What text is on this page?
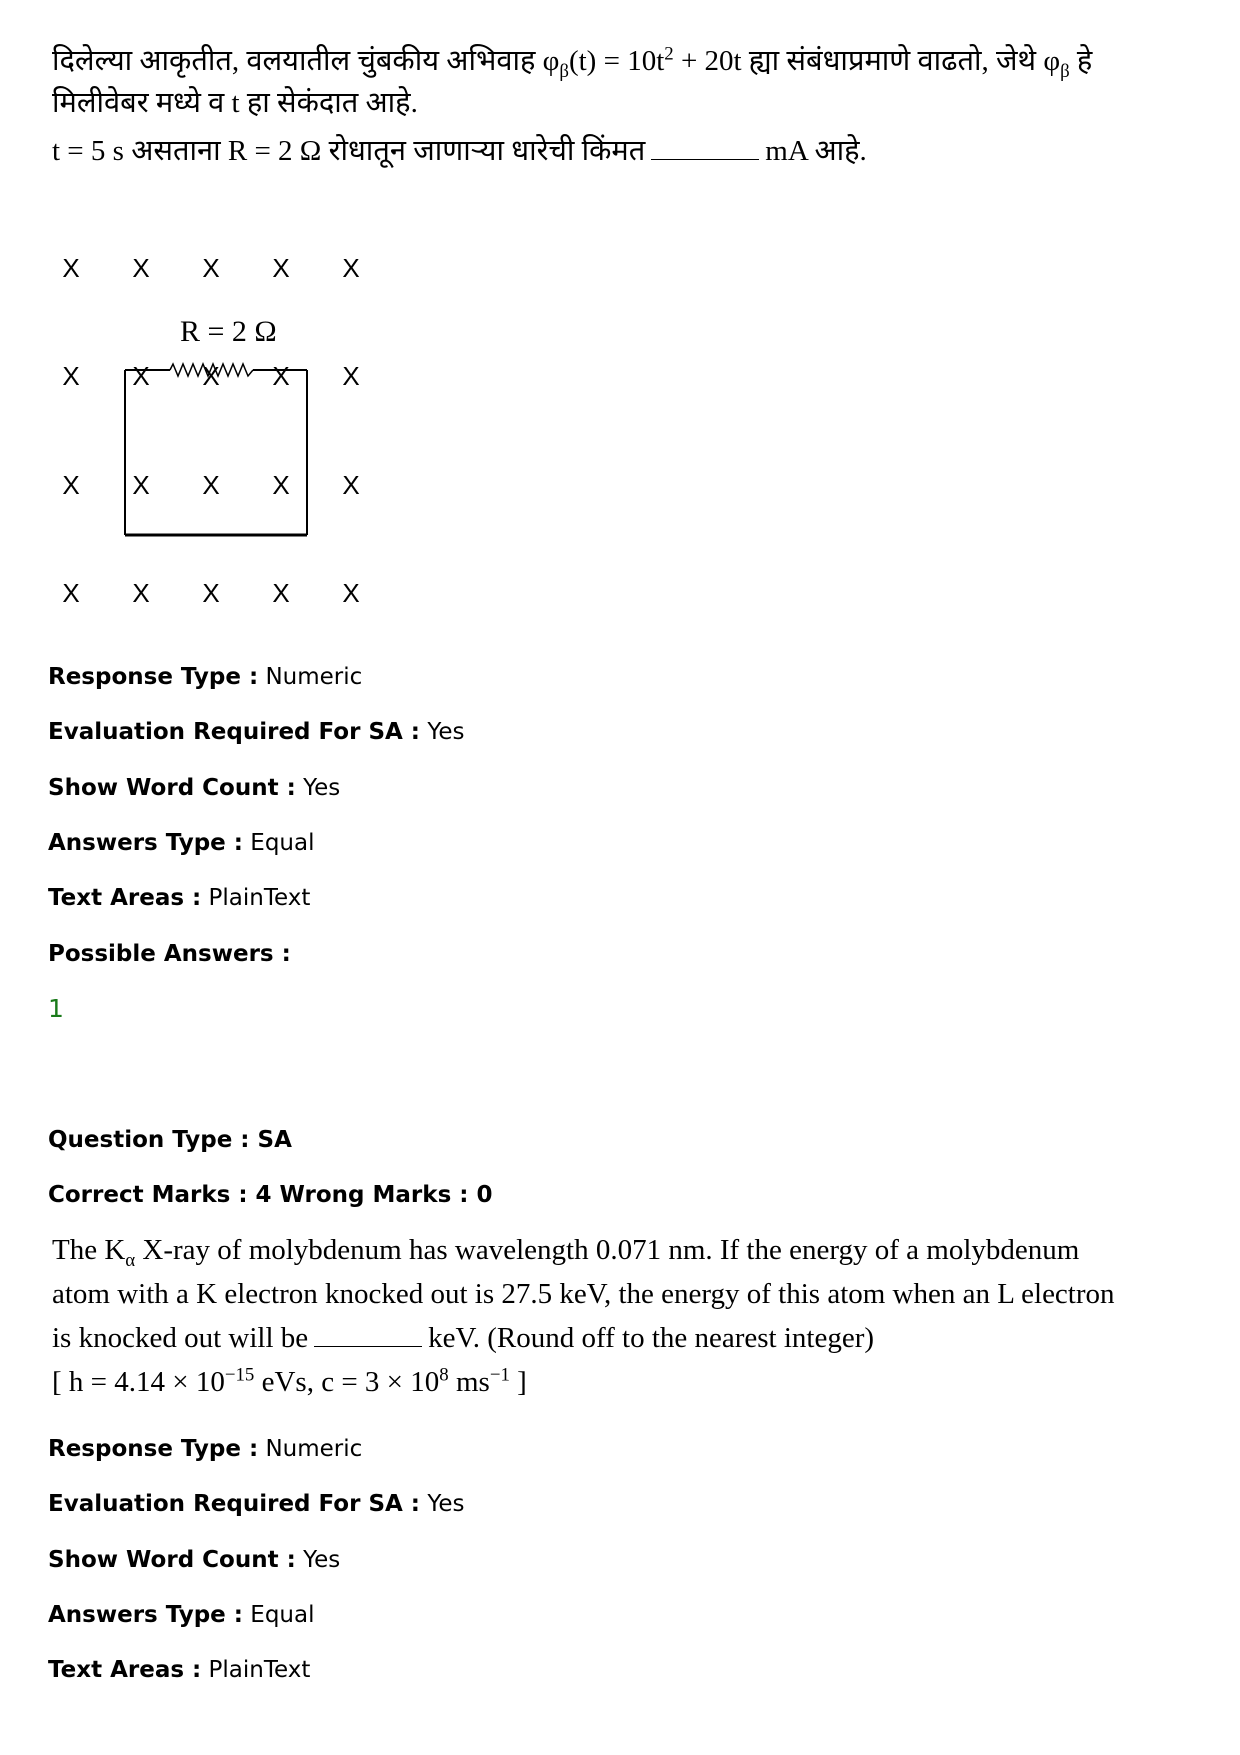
दिलेल्या आकृतीत, वलयातील चुंबकीय अभिवाह $\varphi_\beta(t) = 10t^2 + 20t$ ह्या संबंधाप्रमाणे वाढतो, जेथे $\varphi_\beta$ हे
मिलीवेबर मध्ये व t हा सेकंदात आहे.
t = 5 s असताना R = 2 Ω रोधातून जाणाऱ्या धारेची किंमत	mA आहे.
R = 2 Ω
X X X X X
X X X X X
X X X X X
X X X X X
Response Type : Numeric
Evaluation Required For SA : Yes
Show Word Count : Yes
Answers Type : Equal
Text Areas : PlainText
Possible Answers :
1
Question Type : SA
Correct Marks : 4 Wrong Marks : 0
The $K_\alpha$ X-ray of molybdenum has wavelength 0.071 nm. If the energy of a molybdenum
atom with a K electron knocked out is 27.5 keV, the energy of this atom when an L electron
is knocked out will be	keV. (Round off to the nearest integer)
[ $h = 4.14 \times 10^{-15}$ eVs, $c = 3 \times 10^8$ $ms^{-1}$ ]
Response Type : Numeric
Evaluation Required For SA : Yes
Show Word Count : Yes
Answers Type : Equal
Text Areas : PlainText
